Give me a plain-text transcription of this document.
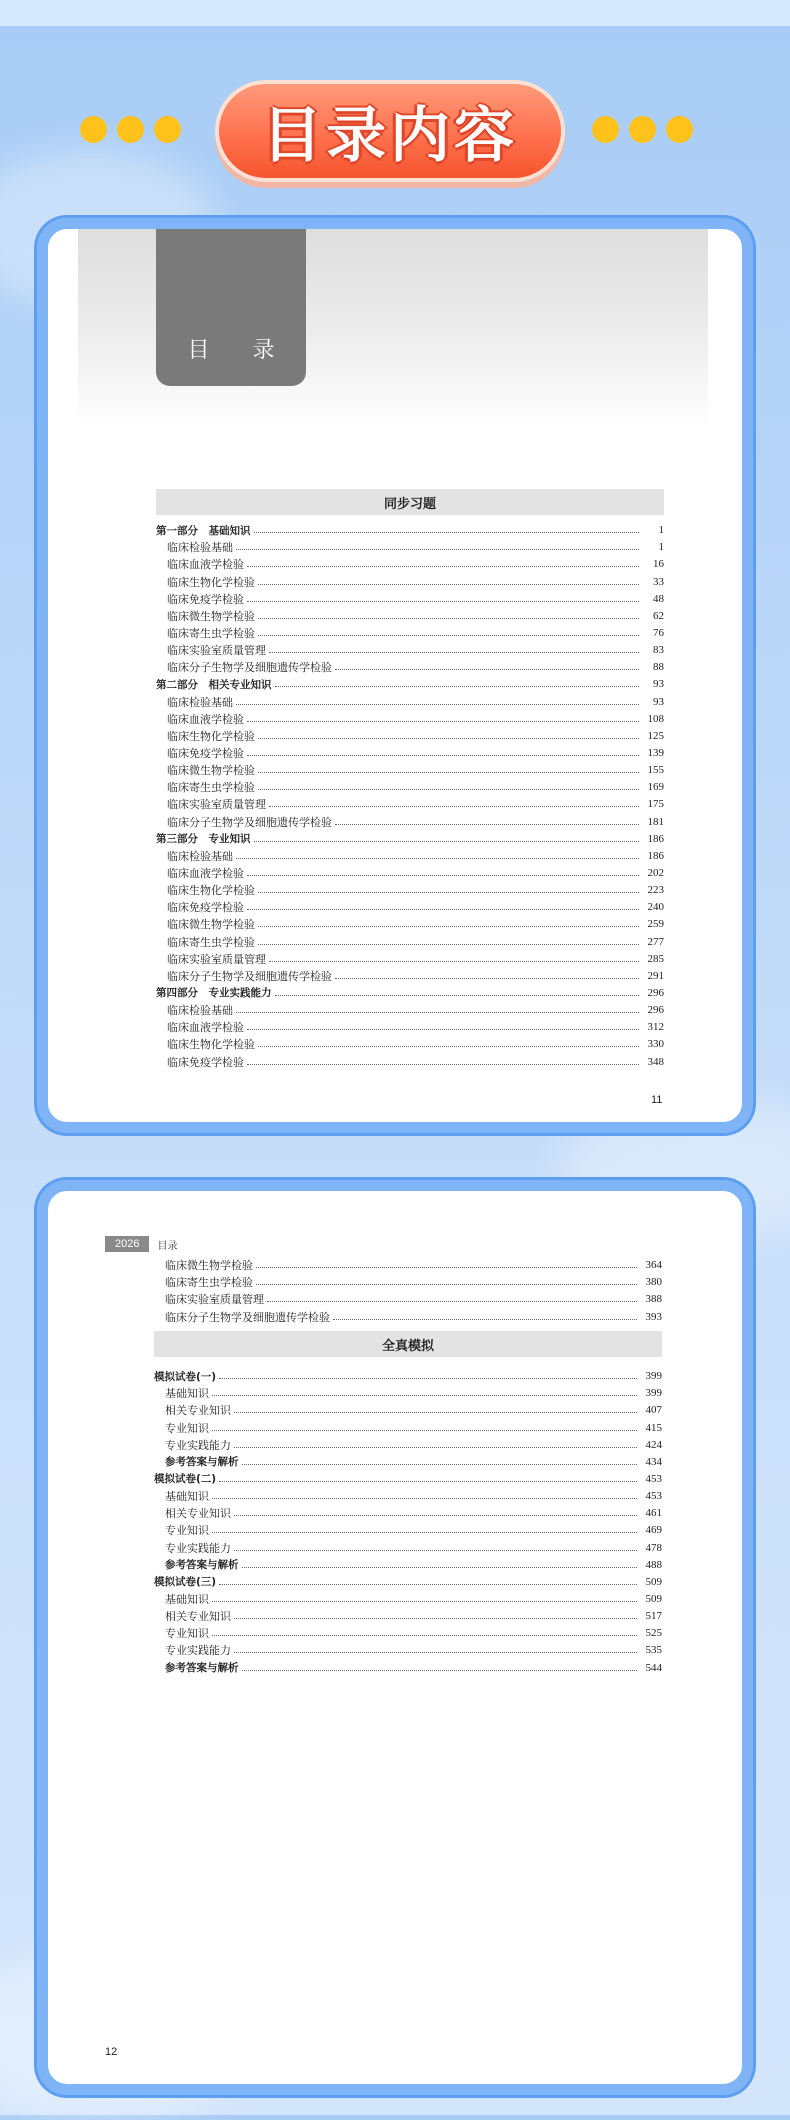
目录内容
目 录
同步习题
第一部分　基础知识	1
临床检验基础	1
临床血液学检验	16
临床生物化学检验	33
临床免疫学检验	48
临床微生物学检验	62
临床寄生虫学检验	76
临床实验室质量管理	83
临床分子生物学及细胞遗传学检验	88
第二部分　相关专业知识	93
临床检验基础	93
临床血液学检验	108
临床生物化学检验	125
临床免疫学检验	139
临床微生物学检验	155
临床寄生虫学检验	169
临床实验室质量管理	175
临床分子生物学及细胞遗传学检验	181
第三部分　专业知识	186
临床检验基础	186
临床血液学检验	202
临床生物化学检验	223
临床免疫学检验	240
临床微生物学检验	259
临床寄生虫学检验	277
临床实验室质量管理	285
临床分子生物学及细胞遗传学检验	291
第四部分　专业实践能力	296
临床检验基础	296
临床血液学检验	312
临床生物化学检验	330
临床免疫学检验	348
11
2026	目录
临床微生物学检验	364
临床寄生虫学检验	380
临床实验室质量管理	388
临床分子生物学及细胞遗传学检验	393
全真模拟
模拟试卷(一)	399
基础知识	399
相关专业知识	407
专业知识	415
专业实践能力	424
参考答案与解析	434
模拟试卷(二)	453
基础知识	453
相关专业知识	461
专业知识	469
专业实践能力	478
参考答案与解析	488
模拟试卷(三)	509
基础知识	509
相关专业知识	517
专业知识	525
专业实践能力	535
参考答案与解析	544
12
